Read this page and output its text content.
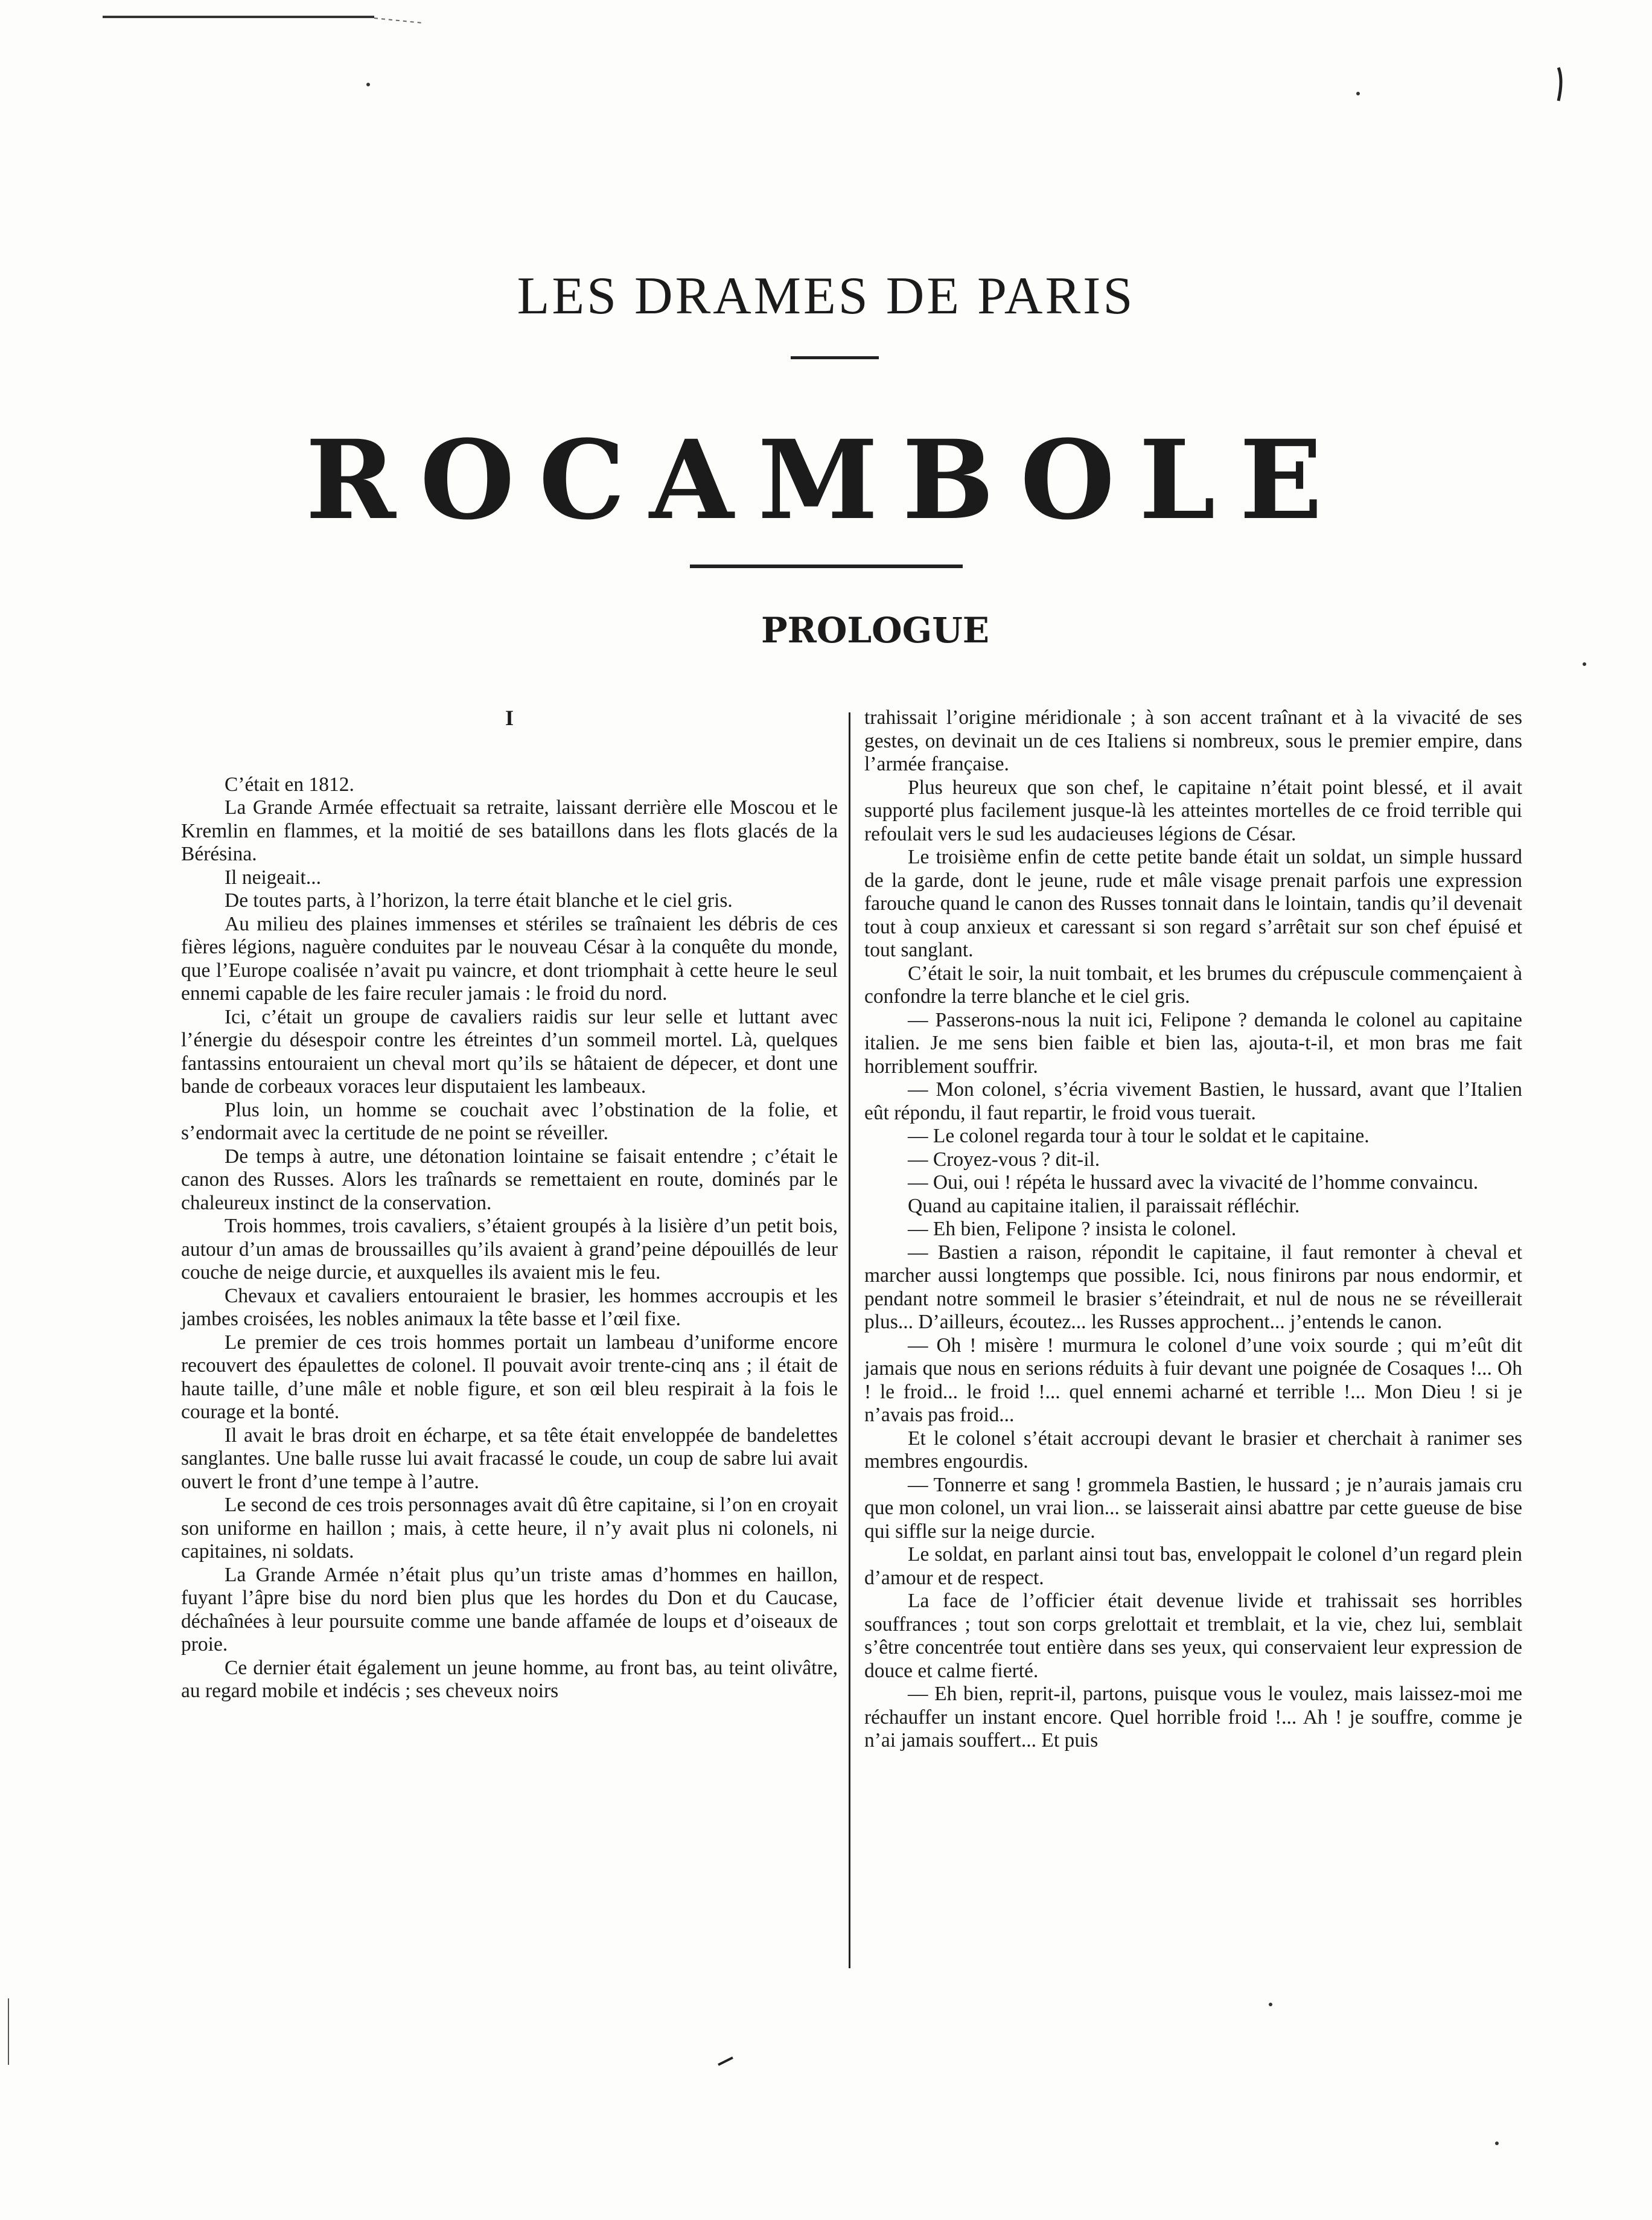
LES DRAMES DE PARIS
ROCAMBOLE
PROLOGUE

I

C’était en 1812.

La Grande Armée effectuait sa retraite, laissant derrière elle Moscou et le Kremlin en flammes, et la moitié de ses bataillons dans les flots glacés de la Bérésina.

Il neigeait...

De toutes parts, à l’horizon, la terre était blanche et le ciel gris.

Au milieu des plaines immenses et stériles se traînaient les débris de ces fières légions, naguère conduites par le nouveau César à la conquête du monde, que l’Europe coalisée n’avait pu vaincre, et dont triomphait à cette heure le seul ennemi capable de les faire reculer jamais : le froid du nord.

Ici, c’était un groupe de cavaliers raidis sur leur selle et luttant avec l’énergie du désespoir contre les étreintes d’un sommeil mortel. Là, quelques fantassins entouraient un cheval mort qu’ils se hâtaient de dépecer, et dont une bande de corbeaux voraces leur disputaient les lambeaux.

Plus loin, un homme se couchait avec l’obstination de la folie, et s’endormait avec la certitude de ne point se réveiller.

De temps à autre, une détonation lointaine se faisait entendre ; c’était le canon des Russes. Alors les traînards se remettaient en route, dominés par le chaleureux instinct de la conservation.

Trois hommes, trois cavaliers, s’étaient groupés à la lisière d’un petit bois, autour d’un amas de broussailles qu’ils avaient à grand’peine dépouillés de leur couche de neige durcie, et auxquelles ils avaient mis le feu.

Chevaux et cavaliers entouraient le brasier, les hommes accroupis et les jambes croisées, les nobles animaux la tête basse et l’œil fixe.

Le premier de ces trois hommes portait un lambeau d’uniforme encore recouvert des épaulettes de colonel. Il pouvait avoir trente-cinq ans ; il était de haute taille, d’une mâle et noble figure, et son œil bleu respirait à la fois le courage et la bonté.

Il avait le bras droit en écharpe, et sa tête était enveloppée de bandelettes sanglantes. Une balle russe lui avait fracassé le coude, un coup de sabre lui avait ouvert le front d’une tempe à l’autre.

Le second de ces trois personnages avait dû être capitaine, si l’on en croyait son uniforme en haillon ; mais, à cette heure, il n’y avait plus ni colonels, ni capitaines, ni soldats.

La Grande Armée n’était plus qu’un triste amas d’hommes en haillon, fuyant l’âpre bise du nord bien plus que les hordes du Don et du Caucase, déchaînées à leur poursuite comme une bande affamée de loups et d’oiseaux de proie.

Ce dernier était également un jeune homme, au front bas, au teint olivâtre, au regard mobile et indécis ; ses cheveux noirs

trahissait l’origine méridionale ; à son accent traînant et à la vivacité de ses gestes, on devinait un de ces Italiens si nombreux, sous le premier empire, dans l’armée française.

Plus heureux que son chef, le capitaine n’était point blessé, et il avait supporté plus facilement jusque-là les atteintes mortelles de ce froid terrible qui refoulait vers le sud les audacieuses légions de César.

Le troisième enfin de cette petite bande était un soldat, un simple hussard de la garde, dont le jeune, rude et mâle visage prenait parfois une expression farouche quand le canon des Russes tonnait dans le lointain, tandis qu’il devenait tout à coup anxieux et caressant si son regard s’arrêtait sur son chef épuisé et tout sanglant.

C’était le soir, la nuit tombait, et les brumes du crépuscule commençaient à confondre la terre blanche et le ciel gris.

— Passerons-nous la nuit ici, Felipone ? demanda le colonel au capitaine italien. Je me sens bien faible et bien las, ajouta-t-il, et mon bras me fait horriblement souffrir.

— Mon colonel, s’écria vivement Bastien, le hussard, avant que l’Italien eût répondu, il faut repartir, le froid vous tuerait.

— Le colonel regarda tour à tour le soldat et le capitaine.

— Croyez-vous ? dit-il.

— Oui, oui ! répéta le hussard avec la vivacité de l’homme convaincu.

Quand au capitaine italien, il paraissait réfléchir.

— Eh bien, Felipone ? insista le colonel.

— Bastien a raison, répondit le capitaine, il faut remonter à cheval et marcher aussi longtemps que possible. Ici, nous finirons par nous endormir, et pendant notre sommeil le brasier s’éteindrait, et nul de nous ne se réveillerait plus... D’ailleurs, écoutez... les Russes approchent... j’entends le canon.

— Oh ! misère ! murmura le colonel d’une voix sourde ; qui m’eût dit jamais que nous en serions réduits à fuir devant une poignée de Cosaques !... Oh ! le froid... le froid !... quel ennemi acharné et terrible !... Mon Dieu ! si je n’avais pas froid...

Et le colonel s’était accroupi devant le brasier et cherchait à ranimer ses membres engourdis.

— Tonnerre et sang ! grommela Bastien, le hussard ; je n’aurais jamais cru que mon colonel, un vrai lion... se laisserait ainsi abattre par cette gueuse de bise qui siffle sur la neige durcie.

Le soldat, en parlant ainsi tout bas, enveloppait le colonel d’un regard plein d’amour et de respect.

La face de l’officier était devenue livide et trahissait ses horribles souffrances ; tout son corps grelottait et tremblait, et la vie, chez lui, semblait s’être concentrée tout entière dans ses yeux, qui conservaient leur expression de douce et calme fierté.

— Eh bien, reprit-il, partons, puisque vous le voulez, mais laissez-moi me réchauffer un instant encore. Quel horrible froid !... Ah ! je souffre, comme je n’ai jamais souffert... Et puis
